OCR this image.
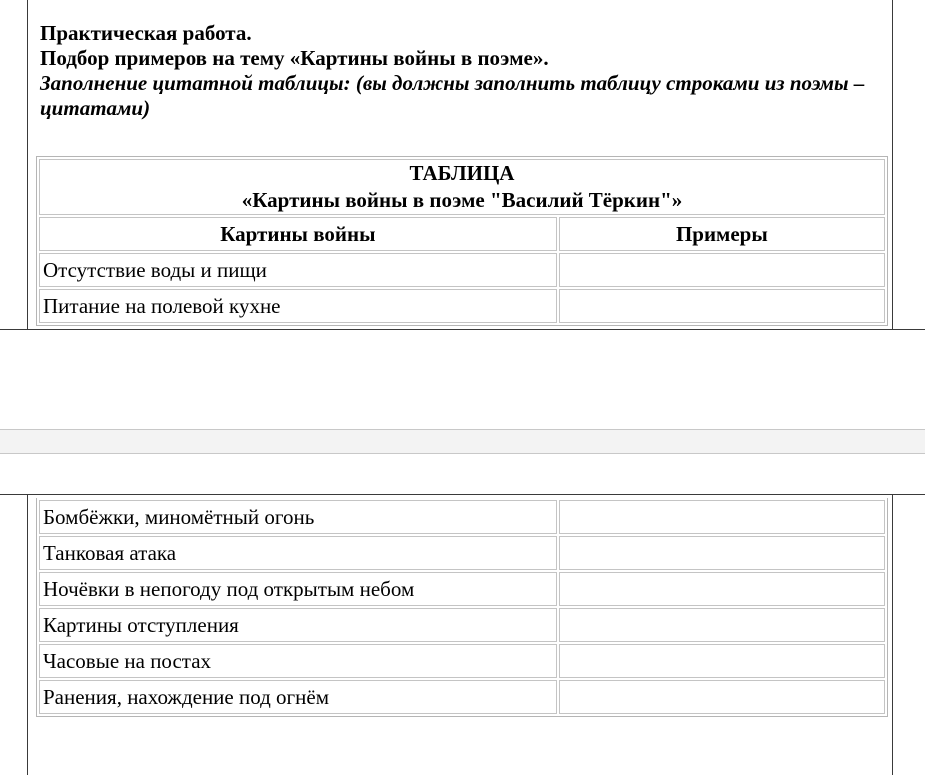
Практическая работа.
Подбор примеров на тему «Картины войны в поэме».
Заполнение цитатной таблицы: (вы должны заполнить таблицу строками из поэмы – цитатами)
ТАБЛИЦА
«Картины войны в поэме "Василий Тёркин"»	

Картины войны	Примеры
Отсутствие воды и пищи	
Питание на полевой кухне	
Бомбёжки, миномётный огонь	
Танковая атака	
Ночёвки в непогоду под открытым небом	
Картины отступления	
Часовые на постах	
Ранения, нахождение под огнём	
